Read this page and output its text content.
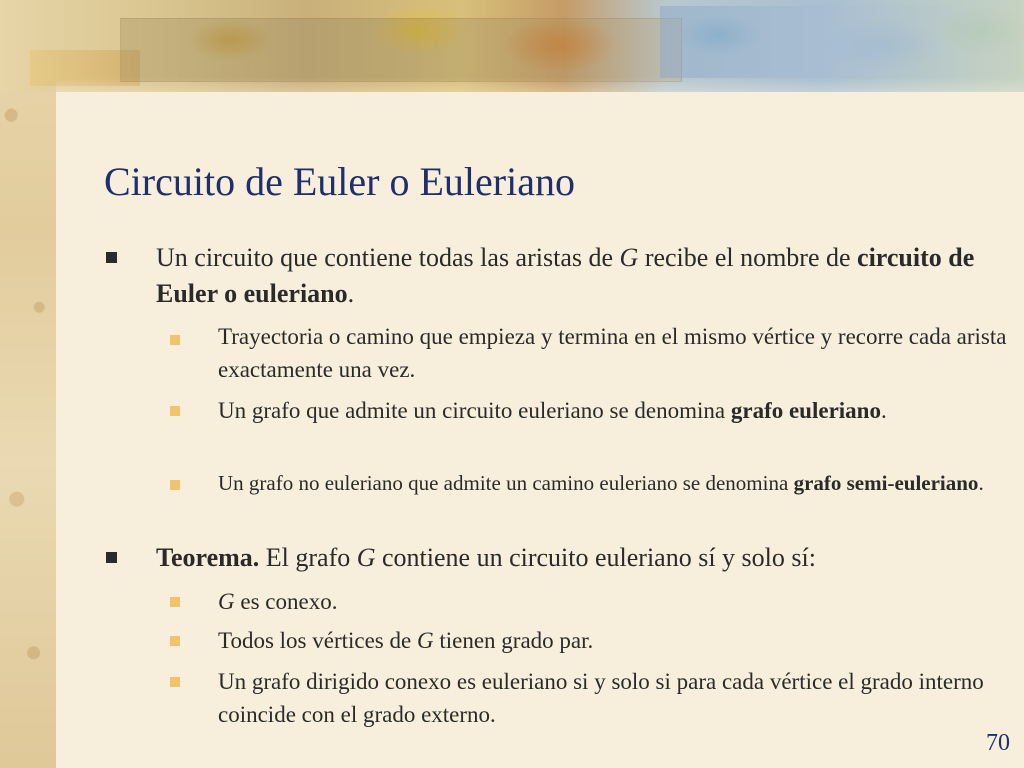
Circuito de Euler o Euleriano
Un circuito que contiene todas las aristas de G recibe el nombre de circuito de Euler o euleriano.
Trayectoria o camino que empieza y termina en el mismo vértice y recorre cada arista exactamente una vez.
Un grafo que admite un circuito euleriano se denomina grafo euleriano.
Un grafo no euleriano que admite un camino euleriano se denomina grafo semi-euleriano.
Teorema. El grafo G contiene un circuito euleriano sí y solo sí:
G es conexo.
Todos los vértices de G tienen grado par.
Un grafo dirigido conexo es euleriano si y solo si para cada vértice el grado interno coincide con el grado externo.
70
